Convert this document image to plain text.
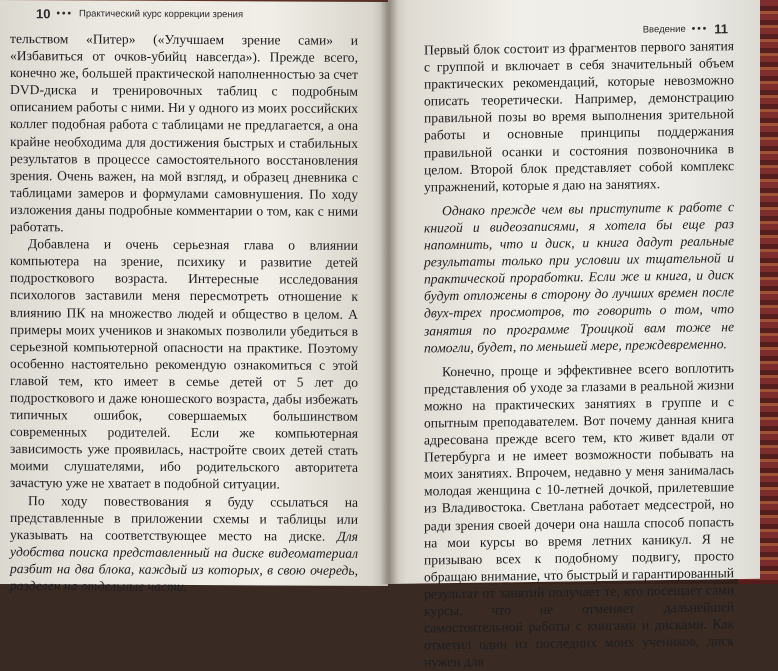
10 ••• Практический курс коррекции зрения

тельством «Питер» («Улучшаем зрение сами» и «Избавиться от очков-убийц навсегда»). Прежде всего, конечно же, большей практической наполненностью за счет DVD-диска и тренировочных таблиц с подробным описанием работы с ними. Ни у одного из моих российских коллег подобная работа с таблицами не предлагается, а она крайне необходима для достижения быстрых и стабильных результатов в процессе самостоятельного восстановления зрения. Очень важен, на мой взгляд, и образец дневника с таблицами замеров и формулами самовнушения. По ходу изложения даны подробные комментарии о том, как с ними работать.

Добавлена и очень серьезная глава о влиянии компьютера на зрение, психику и развитие детей подросткового возраста. Интересные исследования психологов заставили меня пересмотреть отношение к влиянию ПК на множество людей и общество в целом. А примеры моих учеников и знакомых позволили убедиться в серьезной компьютерной опасности на практике. Поэтому особенно настоятельно рекомендую ознакомиться с этой главой тем, кто имеет в семье детей от 5 лет до подросткового и даже юношеского возраста, дабы избежать типичных ошибок, совершаемых большинством современных родителей. Если же компьютерная зависимость уже проявилась, настройте своих детей стать моими слушателями, ибо родительского авторитета зачастую уже не хватает в подобной ситуации.

По ходу повествования я буду ссылаться на представленные в приложении схемы и таблицы или указывать на соответствующее место на диске. Для удобства поиска представленный на диске видеоматериал разбит на два блока, каждый из которых, в свою очередь, разделен на отдельные части.

Введение ••• 11

Первый блок состоит из фрагментов первого занятия с группой и включает в себя значительный объем практических рекомендаций, которые невозможно описать теоретически. Например, демонстрацию правильной позы во время выполнения зрительной работы и основные принципы поддержания правильной осанки и состояния позвоночника в целом. Второй блок представляет собой комплекс упражнений, которые я даю на занятиях.

Однако прежде чем вы приступите к работе с книгой и видеозаписями, я хотела бы еще раз напомнить, что и диск, и книга дадут реальные результаты только при условии их тщательной и практической проработки. Если же и книга, и диск будут отложены в сторону до лучших времен после двух-трех просмотров, то говорить о том, что занятия по программе Троицкой вам тоже не помогли, будет, по меньшей мере, преждевременно.

Конечно, проще и эффективнее всего воплотить представления об уходе за глазами в реальной жизни можно на практических занятиях в группе и с опытным преподавателем. Вот почему данная книга адресована прежде всего тем, кто живет вдали от Петербурга и не имеет возможности побывать на моих занятиях. Впрочем, недавно у меня занималась молодая женщина с 10-летней дочкой, прилетевшие из Владивостока. Светлана работает медсестрой, но ради зрения своей дочери она нашла способ попасть на мои курсы во время летних каникул. Я не призываю всех к подобному подвигу, просто обращаю внимание, что быстрый и гарантированный результат от занятий получает те, кто посещает сами курсы, что не отменяет дальнейшей самостоятельной работы с книгами и дисками. Как отметил один из последних моих учеников, диск нужен для
